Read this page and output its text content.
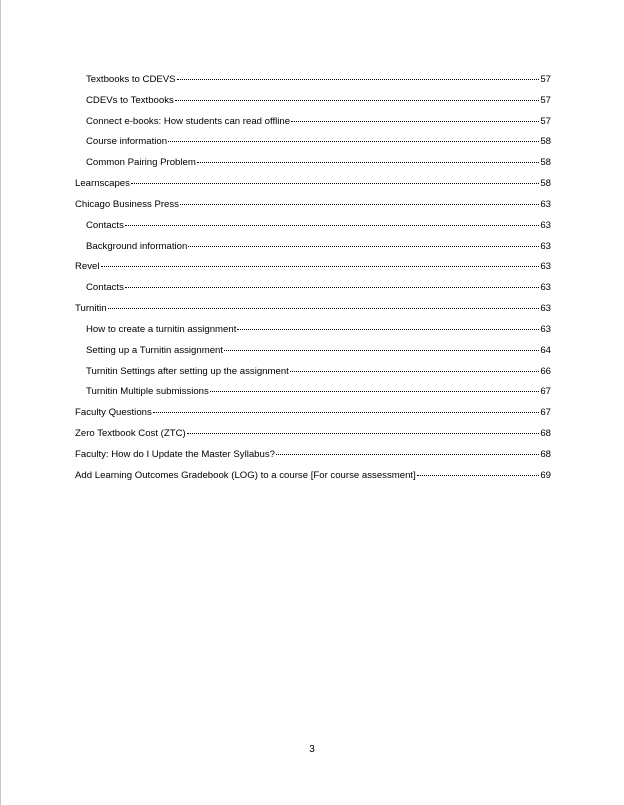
Textbooks to CDEVS	57
CDEVs to Textbooks	57
Connect e-books: How students can read offline	57
Course information	58
Common Pairing Problem	58
Learnscapes	58
Chicago Business Press	63
Contacts	63
Background information	63
Revel	63
Contacts	63
Turnitin	63
How to create a turnitin assignment	63
Setting up a Turnitin assignment	64
Turnitin Settings after setting up the assignment	66
Turnitin Multiple submissions	67
Faculty Questions	67
Zero Textbook Cost (ZTC)	68
Faculty: How do I Update the Master Syllabus?	68
Add Learning Outcomes Gradebook (LOG) to a course [For course assessment]	69
3
